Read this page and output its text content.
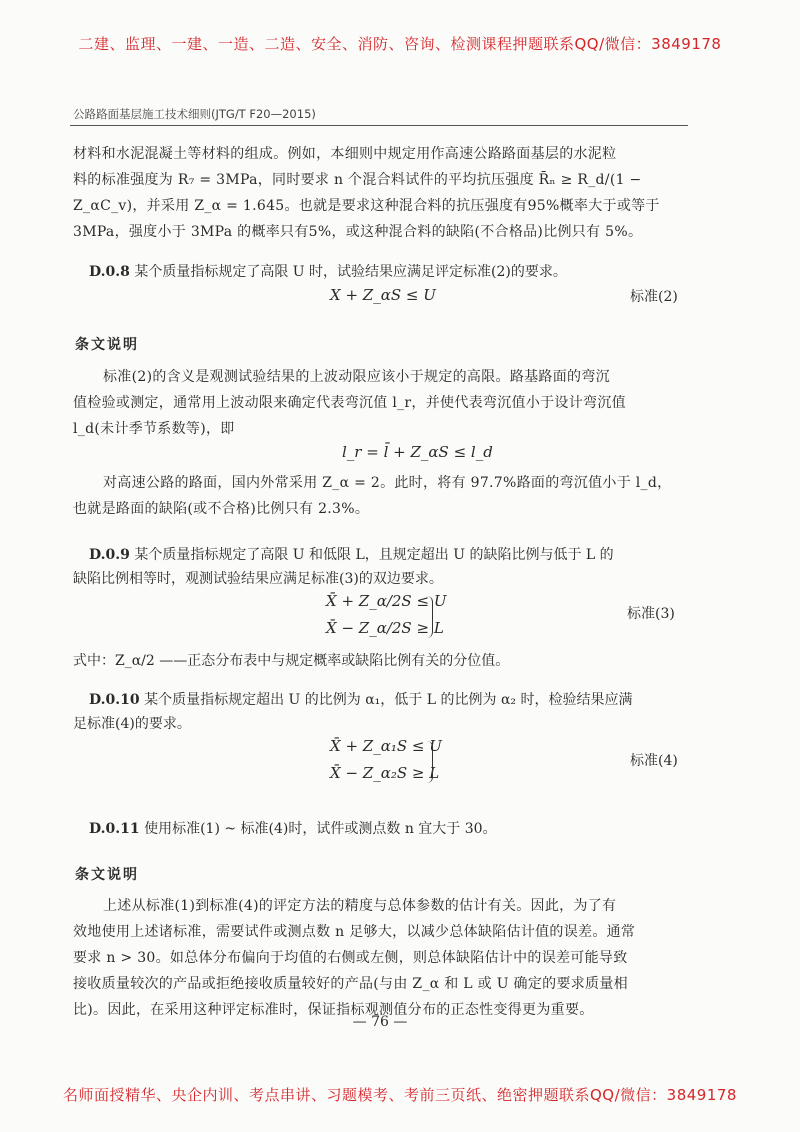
二建、监理、一建、一造、二造、安全、消防、咨询、检测课程押题联系QQ/微信：3849178
公路路面基层施工技术细则(JTG/T F20—2015)
材料和水泥混凝土等材料的组成。例如，本细则中规定用作高速公路路面基层的水泥粒
料的标准强度为 R₇ = 3MPa，同时要求 n 个混合料试件的平均抗压强度 R̄ₙ ≥ R_d/(1 −
Z_αC_v)，并采用 Z_α = 1.645。也就是要求这种混合料的抗压强度有95%概率大于或等于
3MPa，强度小于 3MPa 的概率只有5%，或这种混合料的缺陷(不合格品)比例只有 5%。
D.0.8 某个质量指标规定了高限 U 时，试验结果应满足评定标准(2)的要求。
X + Z_αS ≤ U	标准(2)
条文说明
标准(2)的含义是观测试验结果的上波动限应该小于规定的高限。路基路面的弯沉
值检验或测定，通常用上波动限来确定代表弯沉值 l_r，并使代表弯沉值小于设计弯沉值
l_d(未计季节系数等)，即
l_r = l̄ + Z_αS ≤ l_d
对高速公路的路面，国内外常采用 Z_α = 2。此时，将有 97.7%路面的弯沉值小于 l_d，
也就是路面的缺陷(或不合格)比例只有 2.3%。
D.0.9 某个质量指标规定了高限 U 和低限 L，且规定超出 U 的缺陷比例与低于 L 的
缺陷比例相等时，观测试验结果应满足标准(3)的双边要求。
X̄ + Z_α/2S ≤ U
X̄ − Z_α/2S ≥ L
标准(3)
式中：Z_α/2 ——正态分布表中与规定概率或缺陷比例有关的分位值。
D.0.10 某个质量指标规定超出 U 的比例为 α₁，低于 L 的比例为 α₂ 时，检验结果应满
足标准(4)的要求。
X̄ + Z_α₁S ≤ U
X̄ − Z_α₂S ≥ L
标准(4)
D.0.11 使用标准(1) ~ 标准(4)时，试件或测点数 n 宜大于 30。
条文说明
上述从标准(1)到标准(4)的评定方法的精度与总体参数的估计有关。因此，为了有
效地使用上述诸标准，需要试件或测点数 n 足够大，以减少总体缺陷估计值的误差。通常
要求 n > 30。如总体分布偏向于均值的右侧或左侧，则总体缺陷估计中的误差可能导致
接收质量较次的产品或拒绝接收质量较好的产品(与由 Z_α 和 L 或 U 确定的要求质量相
比)。因此，在采用这种评定标准时，保证指标观测值分布的正态性变得更为重要。
— 76 —
名师面授精华、央企内训、考点串讲、习题模考、考前三页纸、绝密押题联系QQ/微信：3849178
